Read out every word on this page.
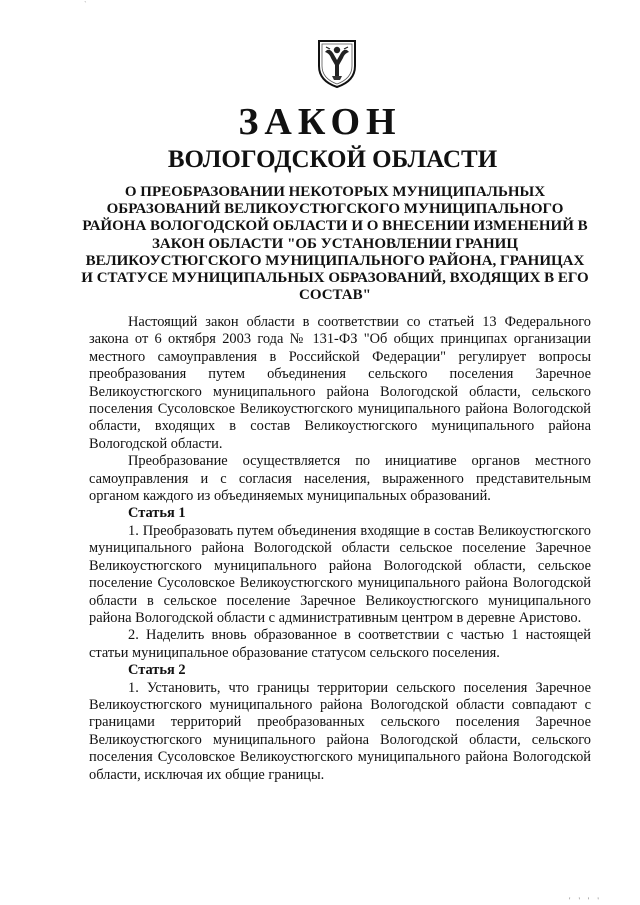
ЗАКОН
ВОЛОГОДСКОЙ ОБЛАСТИ

О ПРЕОБРАЗОВАНИИ НЕКОТОРЫХ МУНИЦИПАЛЬНЫХ ОБРАЗОВАНИЙ ВЕЛИКОУСТЮГСКОГО МУНИЦИПАЛЬНОГО РАЙОНА ВОЛОГОДСКОЙ ОБЛАСТИ И О ВНЕСЕНИИ ИЗМЕНЕНИЙ В ЗАКОН ОБЛАСТИ "ОБ УСТАНОВЛЕНИИ ГРАНИЦ ВЕЛИКОУСТЮГСКОГО МУНИЦИПАЛЬНОГО РАЙОНА, ГРАНИЦАХ И СТАТУСЕ МУНИЦИПАЛЬНЫХ ОБРАЗОВАНИЙ, ВХОДЯЩИХ В ЕГО СОСТАВ"

Настоящий закон области в соответствии со статьей 13 Федерального закона от 6 октября 2003 года № 131-ФЗ "Об общих принципах организации местного самоуправления в Российской Федерации" регулирует вопросы преобразования путем объединения сельского поселения Заречное Великоустюгского муниципального района Вологодской области, сельского поселения Сусоловское Великоустюгского муниципального района Вологодской области, входящих в состав Великоустюгского муниципального района Вологодской области.

Преобразование осуществляется по инициативе органов местного самоуправления и с согласия населения, выраженного представительным органом каждого из объединяемых муниципальных образований.

Статья 1

1. Преобразовать путем объединения входящие в состав Великоустюгского муниципального района Вологодской области сельское поселение Заречное Великоустюгского муниципального района Вологодской области, сельское поселение Сусоловское Великоустюгского муниципального района Вологодской области в сельское поселение Заречное Великоустюгского муниципального района Вологодской области с административным центром в деревне Аристово.

2. Наделить вновь образованное в соответствии с частью 1 настоящей статьи муниципальное образование статусом сельского поселения.

Статья 2

1. Установить, что границы территории сельского поселения Заречное Великоустюгского муниципального района Вологодской области совпадают с границами территорий преобразованных сельского поселения Заречное Великоустюгского муниципального района Вологодской области, сельского поселения Сусоловское Великоустюгского муниципального района Вологодской области, исключая их общие границы.

`
' ' ' '
